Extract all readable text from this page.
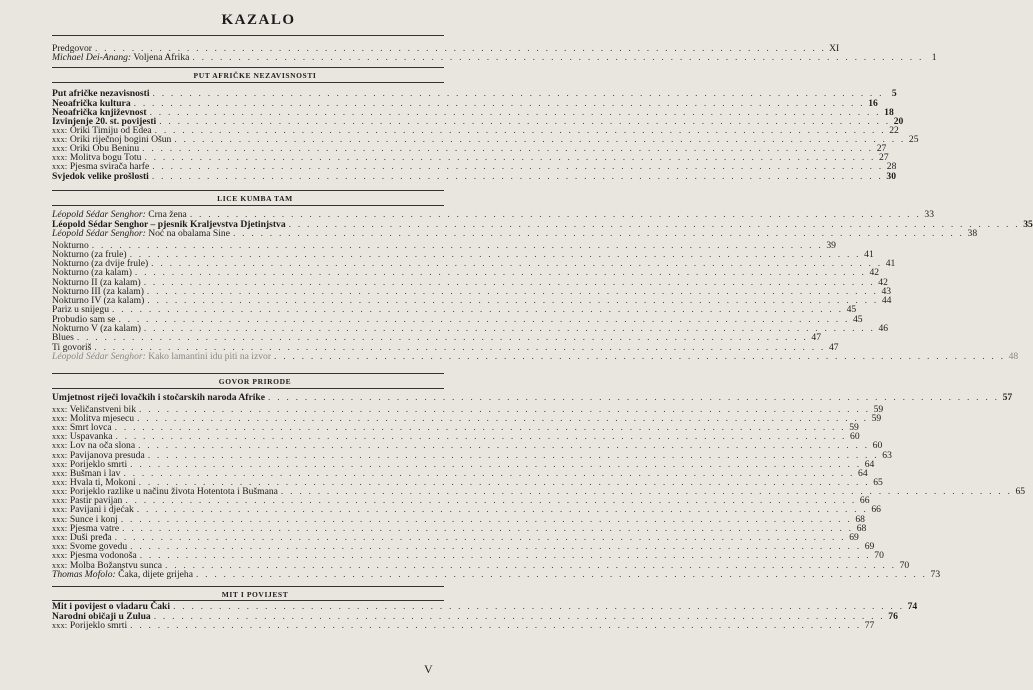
KAZALO
PUT AFRIČKE NEZAVISNOSTI
LICE KUMBA TAM
GOVOR PRIRODE
MIT I POVIJEST
Predgovor . . . . . . . . . . . . . . . . . . . . . . . . . . . . . . . . . . . . . . . . . . . . . . . . . . . . . . . . . . . . . . . . . . . . . . . . . . . . . . . . XI
Michael Dei-Anang: Voljena Afrika . . . . . . . . . . . . . . . . . . . . . . . . . . . . . . . . . . . . . . . . . . . . . . . . . . . . . . . . . . . . . . . . . . . . . . . . . . . . . . . . 1
Put afričke nezavisnosti . . . . . . . . . . . . . . . . . . . . . . . . . . . . . . . . . . . . . . . . . . . . . . . . . . . . . . . . . . . . . . . . . . . . . . . . . . . . . . . . 5
Neoafrička kultura . . . . . . . . . . . . . . . . . . . . . . . . . . . . . . . . . . . . . . . . . . . . . . . . . . . . . . . . . . . . . . . . . . . . . . . . . . . . . . . . 16
Neoafrička književnost . . . . . . . . . . . . . . . . . . . . . . . . . . . . . . . . . . . . . . . . . . . . . . . . . . . . . . . . . . . . . . . . . . . . . . . . . . . . . . . . 18
Izvinjenje 20. st. povijesti . . . . . . . . . . . . . . . . . . . . . . . . . . . . . . . . . . . . . . . . . . . . . . . . . . . . . . . . . . . . . . . . . . . . . . . . . . . . . . . . 20
xxx: Oriki Timiju od Edea . . . . . . . . . . . . . . . . . . . . . . . . . . . . . . . . . . . . . . . . . . . . . . . . . . . . . . . . . . . . . . . . . . . . . . . . . . . . . . . . 22
xxx: Oriki riječnoj bogini Ošun . . . . . . . . . . . . . . . . . . . . . . . . . . . . . . . . . . . . . . . . . . . . . . . . . . . . . . . . . . . . . . . . . . . . . . . . . . . . . . . . 25
xxx: Oriki Obu Beninu . . . . . . . . . . . . . . . . . . . . . . . . . . . . . . . . . . . . . . . . . . . . . . . . . . . . . . . . . . . . . . . . . . . . . . . . . . . . . . . . 27
xxx: Molitva bogu Totu . . . . . . . . . . . . . . . . . . . . . . . . . . . . . . . . . . . . . . . . . . . . . . . . . . . . . . . . . . . . . . . . . . . . . . . . . . . . . . . . 27
xxx: Pjesma svirača harfe . . . . . . . . . . . . . . . . . . . . . . . . . . . . . . . . . . . . . . . . . . . . . . . . . . . . . . . . . . . . . . . . . . . . . . . . . . . . . . . . 28
Svjedok velike prošlosti . . . . . . . . . . . . . . . . . . . . . . . . . . . . . . . . . . . . . . . . . . . . . . . . . . . . . . . . . . . . . . . . . . . . . . . . . . . . . . . . 30
Léopold Sédar Senghor: Crna žena . . . . . . . . . . . . . . . . . . . . . . . . . . . . . . . . . . . . . . . . . . . . . . . . . . . . . . . . . . . . . . . . . . . . . . . . . . . . . . . . 33
Léopold Sédar Senghor – pjesnik Kraljevstva Djetinjstva . . . . . . . . . . . . . . . . . . . . . . . . . . . . . . . . . . . . . . . . . . . . . . . . . . . . . . . . . . . . . . . . . . . . . . . . . . . . . . . . 35
Léopold Sédar Senghor: Noć na obalama Sine . . . . . . . . . . . . . . . . . . . . . . . . . . . . . . . . . . . . . . . . . . . . . . . . . . . . . . . . . . . . . . . . . . . . . . . . . . . . . . . . 38
Nokturno . . . . . . . . . . . . . . . . . . . . . . . . . . . . . . . . . . . . . . . . . . . . . . . . . . . . . . . . . . . . . . . . . . . . . . . . . . . . . . . . 39
Nokturno (za frule) . . . . . . . . . . . . . . . . . . . . . . . . . . . . . . . . . . . . . . . . . . . . . . . . . . . . . . . . . . . . . . . . . . . . . . . . . . . . . . . . 41
Nokturno (za dvije frule) . . . . . . . . . . . . . . . . . . . . . . . . . . . . . . . . . . . . . . . . . . . . . . . . . . . . . . . . . . . . . . . . . . . . . . . . . . . . . . . . 41
Nokturno (za kalam) . . . . . . . . . . . . . . . . . . . . . . . . . . . . . . . . . . . . . . . . . . . . . . . . . . . . . . . . . . . . . . . . . . . . . . . . . . . . . . . . 42
Nokturno II (za kalam) . . . . . . . . . . . . . . . . . . . . . . . . . . . . . . . . . . . . . . . . . . . . . . . . . . . . . . . . . . . . . . . . . . . . . . . . . . . . . . . . 42
Nokturno III (za kalam) . . . . . . . . . . . . . . . . . . . . . . . . . . . . . . . . . . . . . . . . . . . . . . . . . . . . . . . . . . . . . . . . . . . . . . . . . . . . . . . . 43
Nokturno IV (za kalam) . . . . . . . . . . . . . . . . . . . . . . . . . . . . . . . . . . . . . . . . . . . . . . . . . . . . . . . . . . . . . . . . . . . . . . . . . . . . . . . . 44
Pariz u snijegu . . . . . . . . . . . . . . . . . . . . . . . . . . . . . . . . . . . . . . . . . . . . . . . . . . . . . . . . . . . . . . . . . . . . . . . . . . . . . . . . 45
Probudio sam se . . . . . . . . . . . . . . . . . . . . . . . . . . . . . . . . . . . . . . . . . . . . . . . . . . . . . . . . . . . . . . . . . . . . . . . . . . . . . . . . 45
Nokturno V (za kalam) . . . . . . . . . . . . . . . . . . . . . . . . . . . . . . . . . . . . . . . . . . . . . . . . . . . . . . . . . . . . . . . . . . . . . . . . . . . . . . . . 46
Blues . . . . . . . . . . . . . . . . . . . . . . . . . . . . . . . . . . . . . . . . . . . . . . . . . . . . . . . . . . . . . . . . . . . . . . . . . . . . . . . . 47
Ti govoriš . . . . . . . . . . . . . . . . . . . . . . . . . . . . . . . . . . . . . . . . . . . . . . . . . . . . . . . . . . . . . . . . . . . . . . . . . . . . . . . . 47
Léopold Sédar Senghor: Kako lamantini idu piti na izvor . . . . . . . . . . . . . . . . . . . . . . . . . . . . . . . . . . . . . . . . . . . . . . . . . . . . . . . . . . . . . . . . . . . . . . . . . . . . . . . . 48
Umjetnost riječi lovačkih i stočarskih naroda Afrike . . . . . . . . . . . . . . . . . . . . . . . . . . . . . . . . . . . . . . . . . . . . . . . . . . . . . . . . . . . . . . . . . . . . . . . . . . . . . . . . 57
xxx: Veličanstveni bik . . . . . . . . . . . . . . . . . . . . . . . . . . . . . . . . . . . . . . . . . . . . . . . . . . . . . . . . . . . . . . . . . . . . . . . . . . . . . . . . 59
xxx: Molitva mjesecu . . . . . . . . . . . . . . . . . . . . . . . . . . . . . . . . . . . . . . . . . . . . . . . . . . . . . . . . . . . . . . . . . . . . . . . . . . . . . . . . 59
xxx: Smrt lovca . . . . . . . . . . . . . . . . . . . . . . . . . . . . . . . . . . . . . . . . . . . . . . . . . . . . . . . . . . . . . . . . . . . . . . . . . . . . . . . . 59
xxx: Uspavanka . . . . . . . . . . . . . . . . . . . . . . . . . . . . . . . . . . . . . . . . . . . . . . . . . . . . . . . . . . . . . . . . . . . . . . . . . . . . . . . . 60
xxx: Lov na oča slona . . . . . . . . . . . . . . . . . . . . . . . . . . . . . . . . . . . . . . . . . . . . . . . . . . . . . . . . . . . . . . . . . . . . . . . . . . . . . . . . 60
xxx: Pavijanova presuda . . . . . . . . . . . . . . . . . . . . . . . . . . . . . . . . . . . . . . . . . . . . . . . . . . . . . . . . . . . . . . . . . . . . . . . . . . . . . . . . 63
xxx: Porijeklo smrti . . . . . . . . . . . . . . . . . . . . . . . . . . . . . . . . . . . . . . . . . . . . . . . . . . . . . . . . . . . . . . . . . . . . . . . . . . . . . . . . 64
xxx: Bušman i lav . . . . . . . . . . . . . . . . . . . . . . . . . . . . . . . . . . . . . . . . . . . . . . . . . . . . . . . . . . . . . . . . . . . . . . . . . . . . . . . . 64
xxx: Hvala ti, Mokoni . . . . . . . . . . . . . . . . . . . . . . . . . . . . . . . . . . . . . . . . . . . . . . . . . . . . . . . . . . . . . . . . . . . . . . . . . . . . . . . . 65
xxx: Porijeklo razlike u načinu života Hotentota i Bušmana . . . . . . . . . . . . . . . . . . . . . . . . . . . . . . . . . . . . . . . . . . . . . . . . . . . . . . . . . . . . . . . . . . . . . . . . . . . . . . . . 65
xxx: Pastir pavijan . . . . . . . . . . . . . . . . . . . . . . . . . . . . . . . . . . . . . . . . . . . . . . . . . . . . . . . . . . . . . . . . . . . . . . . . . . . . . . . . 66
xxx: Pavijani i djećak . . . . . . . . . . . . . . . . . . . . . . . . . . . . . . . . . . . . . . . . . . . . . . . . . . . . . . . . . . . . . . . . . . . . . . . . . . . . . . . . 66
xxx: Sunce i konj . . . . . . . . . . . . . . . . . . . . . . . . . . . . . . . . . . . . . . . . . . . . . . . . . . . . . . . . . . . . . . . . . . . . . . . . . . . . . . . . 68
xxx: Pjesma vatre . . . . . . . . . . . . . . . . . . . . . . . . . . . . . . . . . . . . . . . . . . . . . . . . . . . . . . . . . . . . . . . . . . . . . . . . . . . . . . . . 68
xxx: Duši pređa . . . . . . . . . . . . . . . . . . . . . . . . . . . . . . . . . . . . . . . . . . . . . . . . . . . . . . . . . . . . . . . . . . . . . . . . . . . . . . . . 69
xxx: Svome govedu . . . . . . . . . . . . . . . . . . . . . . . . . . . . . . . . . . . . . . . . . . . . . . . . . . . . . . . . . . . . . . . . . . . . . . . . . . . . . . . . 69
xxx: Pjesma vodonoša . . . . . . . . . . . . . . . . . . . . . . . . . . . . . . . . . . . . . . . . . . . . . . . . . . . . . . . . . . . . . . . . . . . . . . . . . . . . . . . . 70
xxx: Molba Božanstvu sunca . . . . . . . . . . . . . . . . . . . . . . . . . . . . . . . . . . . . . . . . . . . . . . . . . . . . . . . . . . . . . . . . . . . . . . . . . . . . . . . . 70
Thomas Mofolo: Čaka, dijete grijeha . . . . . . . . . . . . . . . . . . . . . . . . . . . . . . . . . . . . . . . . . . . . . . . . . . . . . . . . . . . . . . . . . . . . . . . . . . . . . . . . 73
Mit i povijest o vladaru Čaki . . . . . . . . . . . . . . . . . . . . . . . . . . . . . . . . . . . . . . . . . . . . . . . . . . . . . . . . . . . . . . . . . . . . . . . . . . . . . . . . 74
Narodni običaji u Zulua . . . . . . . . . . . . . . . . . . . . . . . . . . . . . . . . . . . . . . . . . . . . . . . . . . . . . . . . . . . . . . . . . . . . . . . . . . . . . . . . 76
xxx: Porijeklo smrti . . . . . . . . . . . . . . . . . . . . . . . . . . . . . . . . . . . . . . . . . . . . . . . . . . . . . . . . . . . . . . . . . . . . . . . . . . . . . . . . 77
V
